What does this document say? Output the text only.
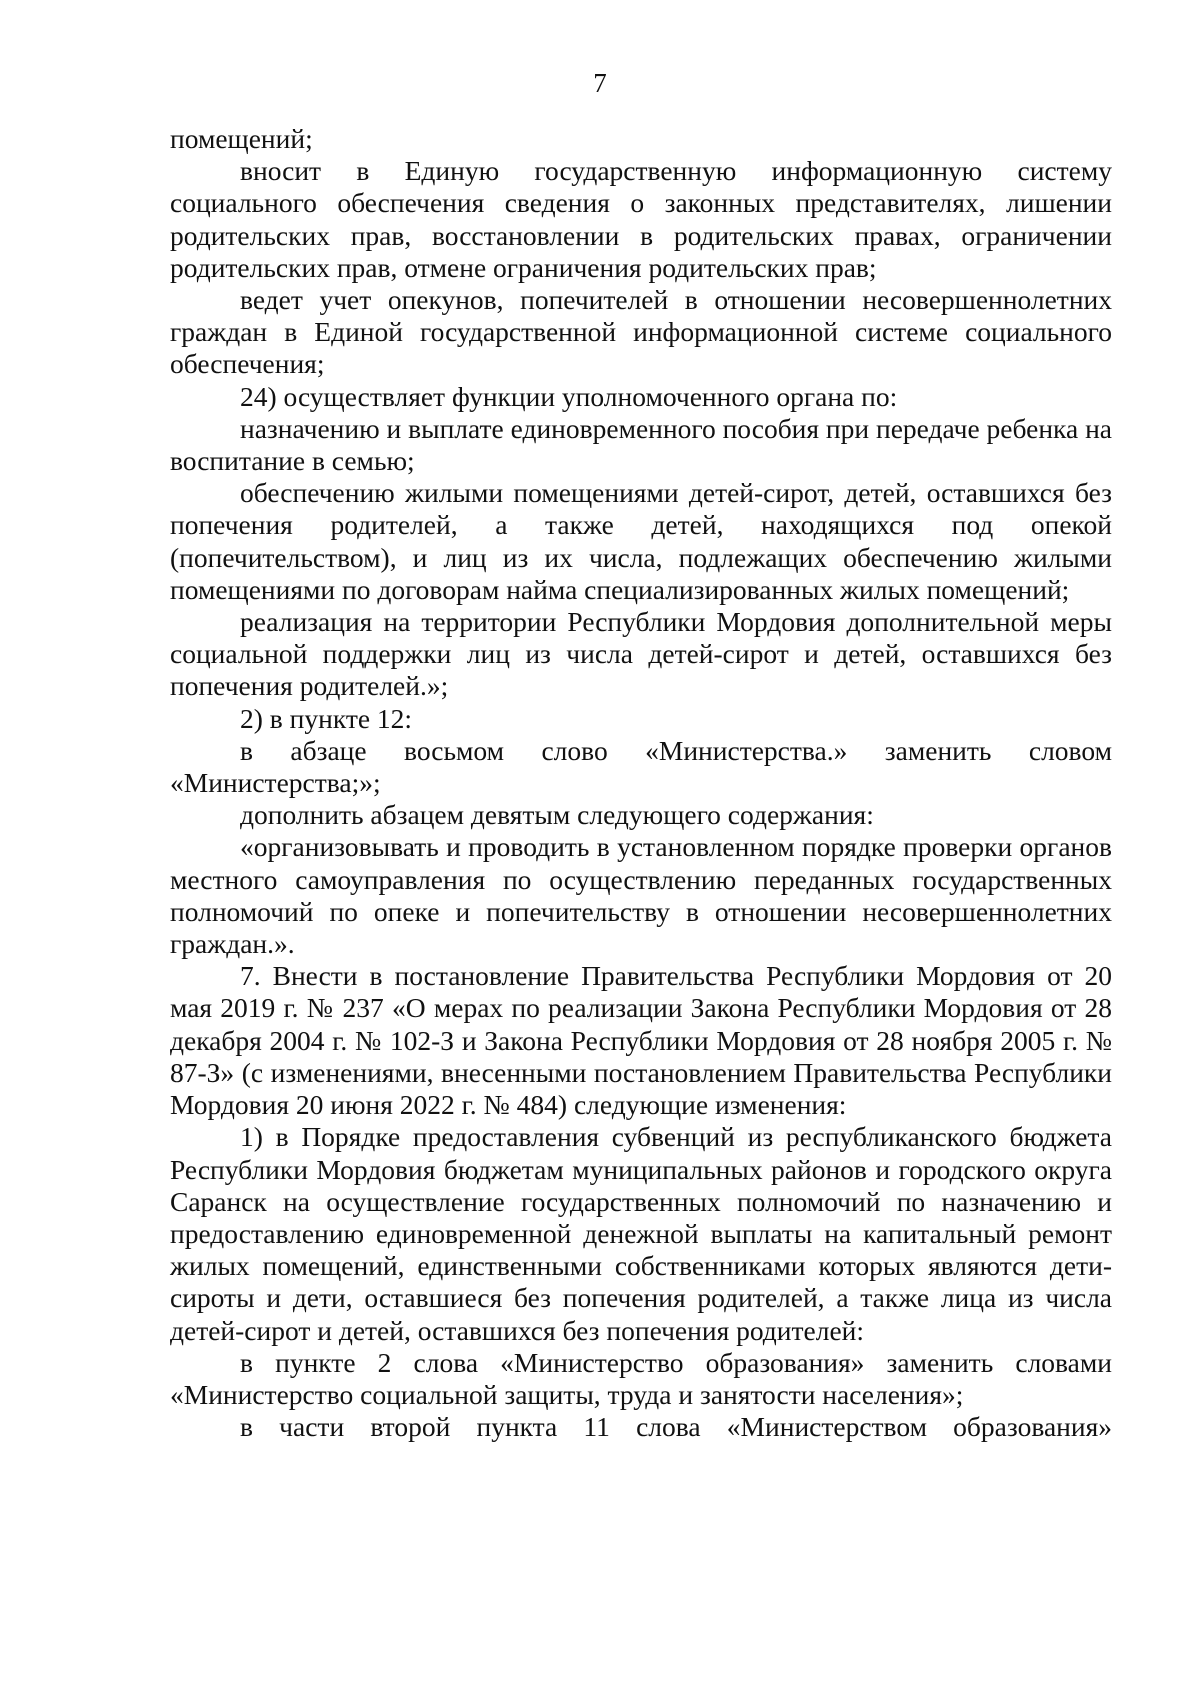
7

помещений;

вносит в Единую государственную информационную систему социального обеспечения сведения о законных представителях, лишении родительских прав, восстановлении в родительских правах, ограничении родительских прав, отмене ограничения родительских прав;

ведет учет опекунов, попечителей в отношении несовершеннолетних граждан в Единой государственной информационной системе социального обеспечения;

24) осуществляет функции уполномоченного органа по:

назначению и выплате единовременного пособия при передаче ребенка на воспитание в семью;

обеспечению жилыми помещениями детей-сирот, детей, оставшихся без попечения родителей, а также детей, находящихся под опекой (попечительством), и лиц из их числа, подлежащих обеспечению жилыми помещениями по договорам найма специализированных жилых помещений;

реализация на территории Республики Мордовия дополнительной меры социальной поддержки лиц из числа детей-сирот и детей, оставшихся без попечения родителей.»;

2) в пункте 12:

в абзаце восьмом слово «Министерства.» заменить словом «Министерства;»;

дополнить абзацем девятым следующего содержания:

«организовывать и проводить в установленном порядке проверки органов местного самоуправления по осуществлению переданных государственных полномочий по опеке и попечительству в отношении несовершеннолетних граждан.».

7. Внести в постановление Правительства Республики Мордовия от 20 мая 2019 г. № 237 «О мерах по реализации Закона Республики Мордовия от 28 декабря 2004 г. № 102-З и Закона Республики Мордовия от 28 ноября 2005 г. № 87-З» (с изменениями, внесенными постановлением Правительства Республики Мордовия 20 июня 2022 г. № 484) следующие изменения:

1) в Порядке предоставления субвенций из республиканского бюджета Республики Мордовия бюджетам муниципальных районов и городского округа Саранск на осуществление государственных полномочий по назначению и предоставлению единовременной денежной выплаты на капитальный ремонт жилых помещений, единственными собственниками которых являются дети-сироты и дети, оставшиеся без попечения родителей, а также лица из числа детей-сирот и детей, оставшихся без попечения родителей:

в пункте 2 слова «Министерство образования» заменить словами «Министерство социальной защиты, труда и занятости населения»;

в части второй пункта 11 слова «Министерством образования»
